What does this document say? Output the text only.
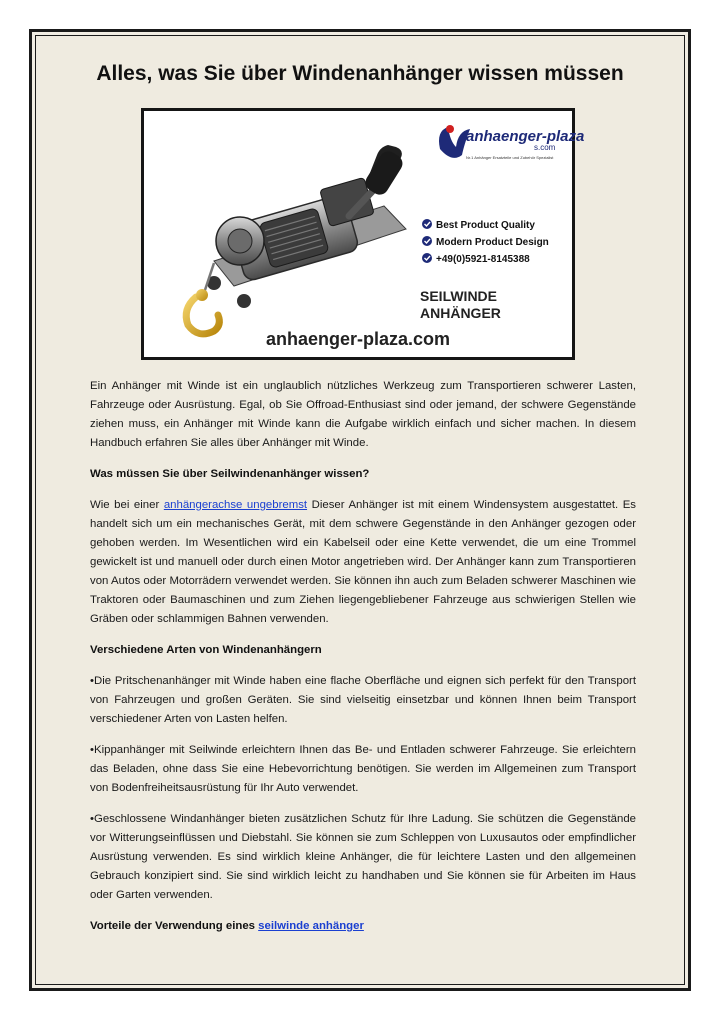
Alles, was Sie über Windenanhänger wissen müssen
anhaenger-plaza
s.com
Nr.1 Anhänger Ersatzteile und Zubehör Spezialist
Best Product Quality
Modern Product Design
+49(0)5921-8145388
SEILWINDE
ANHÄNGER
anhaenger-plaza.com

Ein Anhänger mit Winde ist ein unglaublich nützliches Werkzeug zum Transportieren schwerer Lasten, Fahrzeuge oder Ausrüstung. Egal, ob Sie Offroad-Enthusiast sind oder jemand, der schwere Gegenstände ziehen muss, ein Anhänger mit Winde kann die Aufgabe wirklich einfach und sicher machen. In diesem Handbuch erfahren Sie alles über Anhänger mit Winde.

Was müssen Sie über Seilwindenanhänger wissen?

Wie bei einer anhängerachse ungebremst Dieser Anhänger ist mit einem Windensystem ausgestattet. Es handelt sich um ein mechanisches Gerät, mit dem schwere Gegenstände in den Anhänger gezogen oder gehoben werden. Im Wesentlichen wird ein Kabelseil oder eine Kette verwendet, die um eine Trommel gewickelt ist und manuell oder durch einen Motor angetrieben wird. Der Anhänger kann zum Transportieren von Autos oder Motorrädern verwendet werden. Sie können ihn auch zum Beladen schwerer Maschinen wie Traktoren oder Baumaschinen und zum Ziehen liegengebliebener Fahrzeuge aus schwierigen Stellen wie Gräben oder schlammigen Bahnen verwenden.

Verschiedene Arten von Windenanhängern

•Die Pritschenanhänger mit Winde haben eine flache Oberfläche und eignen sich perfekt für den Transport von Fahrzeugen und großen Geräten. Sie sind vielseitig einsetzbar und können Ihnen beim Transport verschiedener Arten von Lasten helfen.

•Kippanhänger mit Seilwinde erleichtern Ihnen das Be- und Entladen schwerer Fahrzeuge. Sie erleichtern das Beladen, ohne dass Sie eine Hebevorrichtung benötigen. Sie werden im Allgemeinen zum Transport von Bodenfreiheitsausrüstung für Ihr Auto verwendet.

•Geschlossene Windanhänger bieten zusätzlichen Schutz für Ihre Ladung. Sie schützen die Gegenstände vor Witterungseinflüssen und Diebstahl. Sie können sie zum Schleppen von Luxusautos oder empfindlicher Ausrüstung verwenden. Es sind wirklich kleine Anhänger, die für leichtere Lasten und den allgemeinen Gebrauch konzipiert sind. Sie sind wirklich leicht zu handhaben und Sie können sie für Arbeiten im Haus oder Garten verwenden.

Vorteile der Verwendung eines seilwinde anhänger
